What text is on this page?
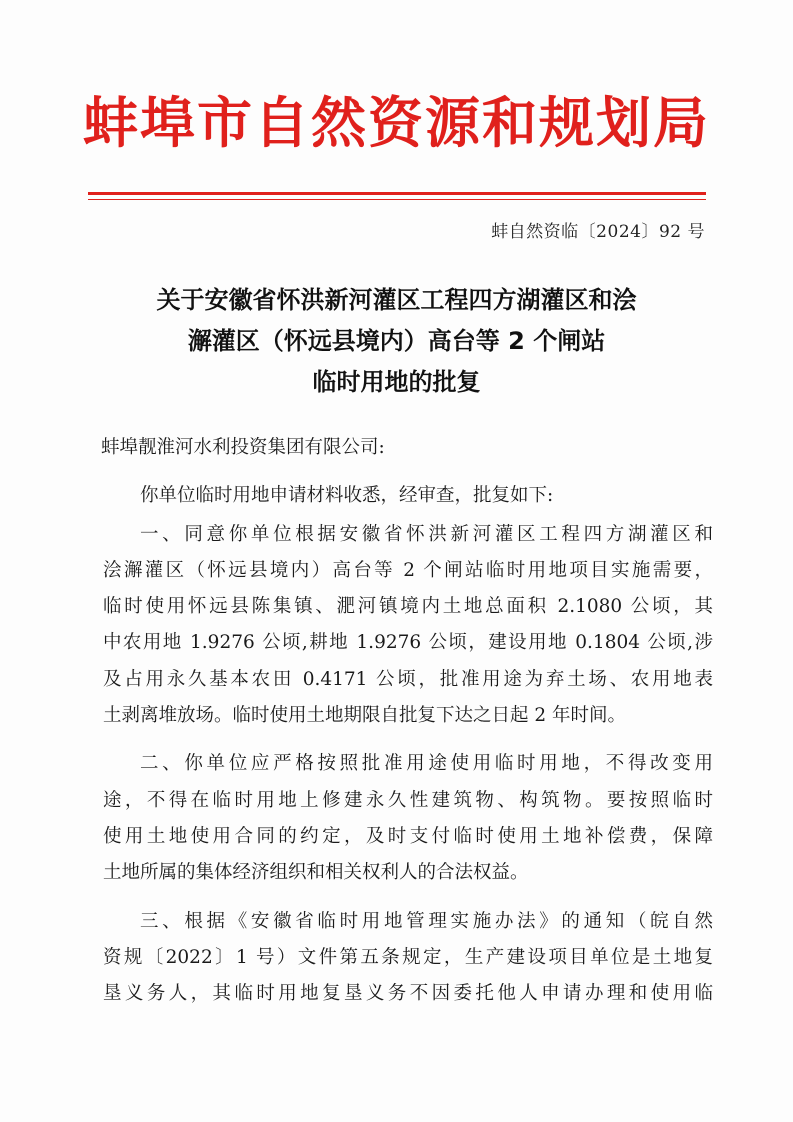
蚌埠市自然资源和规划局
蚌自然资临〔2024〕92 号
关于安徽省怀洪新河灌区工程四方湖灌区和浍
澥灌区（怀远县境内）高台等 2 个闸站
临时用地的批复
蚌埠靓淮河水利投资集团有限公司:
你单位临时用地申请材料收悉，经审查，批复如下:
一、同意你单位根据安徽省怀洪新河灌区工程四方湖灌区和
浍澥灌区（怀远县境内）高台等 2 个闸站临时用地项目实施需要，
临时使用怀远县陈集镇、淝河镇境内土地总面积 2.1080 公顷，其
中农用地 1.9276 公顷,耕地 1.9276 公顷，建设用地 0.1804 公顷,涉
及占用永久基本农田 0.4171 公顷，批准用途为弃土场、农用地表
土剥离堆放场。临时使用土地期限自批复下达之日起 2 年时间。
二、你单位应严格按照批准用途使用临时用地，不得改变用
途，不得在临时用地上修建永久性建筑物、构筑物。要按照临时
使用土地使用合同的约定，及时支付临时使用土地补偿费，保障
土地所属的集体经济组织和相关权利人的合法权益。
三、根据《安徽省临时用地管理实施办法》的通知（皖自然
资规〔2022〕1 号）文件第五条规定，生产建设项目单位是土地复
垦义务人，其临时用地复垦义务不因委托他人申请办理和使用临
